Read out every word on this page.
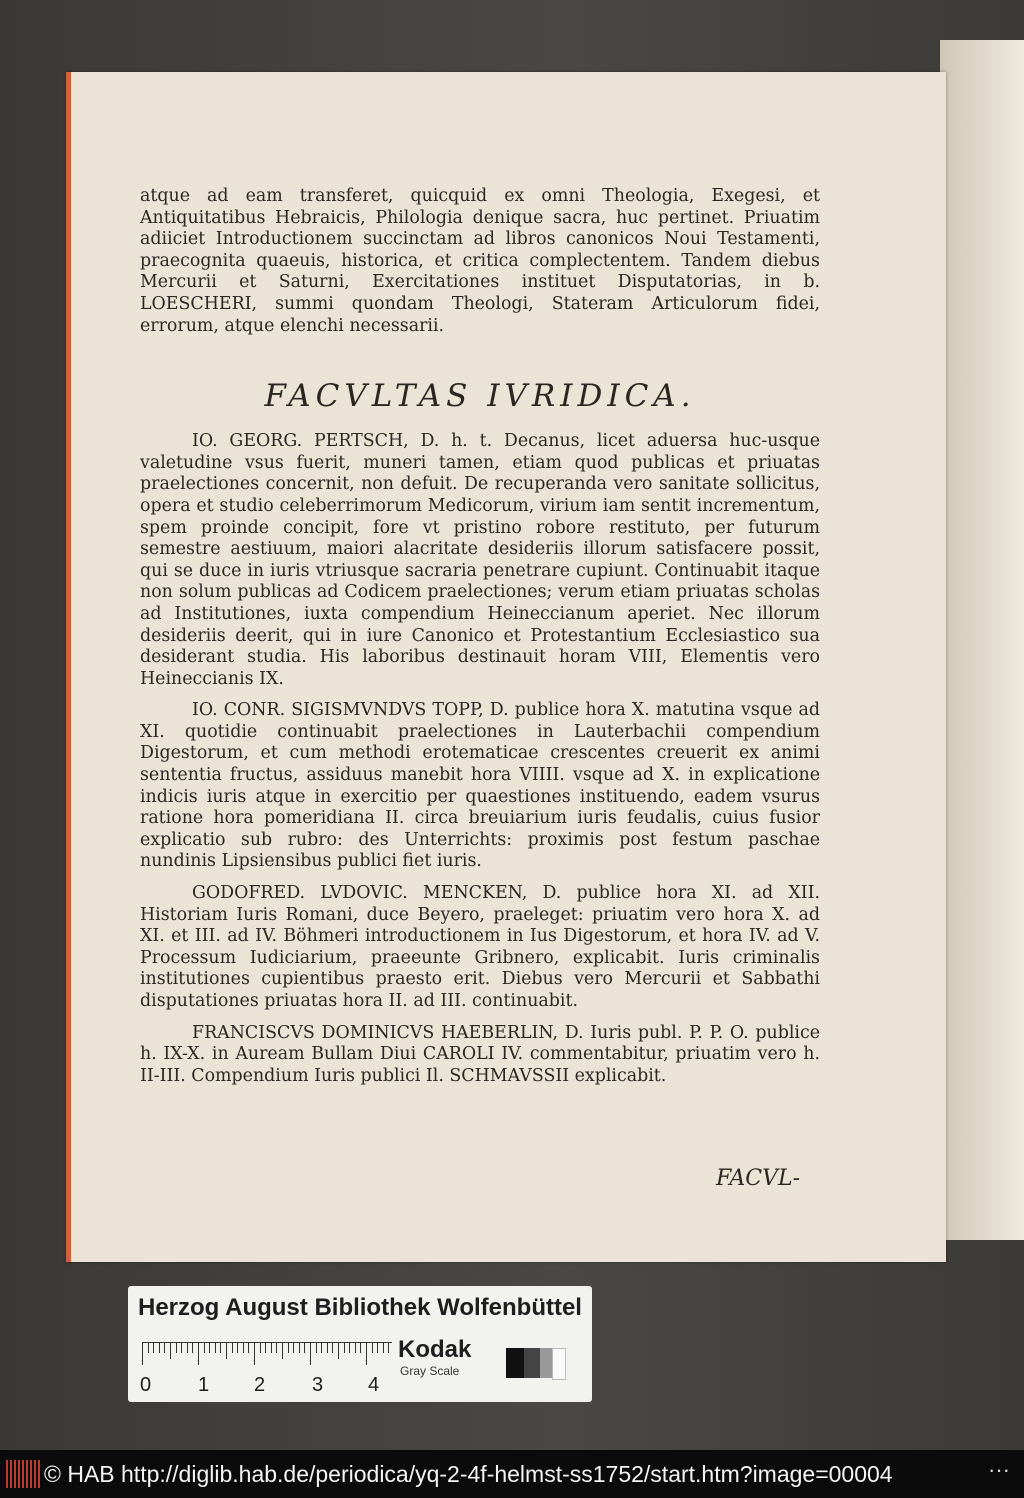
atque ad eam transferet, quicquid ex omni Theologia, Exegesi, et Antiquitatibus Hebraicis, Philologia denique sacra, huc pertinet. Priuatim adiiciet Introductionem succinctam ad libros canonicos Noui Testamenti, praecognita quaeuis, historica, et critica complectentem. Tandem diebus Mercurii et Saturni, Exercitationes instituet Disputatorias, in b. LOESCHERI, summi quondam Theologi, Stateram Articulorum fidei, errorum, atque elenchi necessarii.

FACVLTAS IVRIDICA.

IO. GEORG. PERTSCH, D. h. t. Decanus, licet aduersa huc-usque valetudine vsus fuerit, muneri tamen, etiam quod publicas et priuatas praelectiones concernit, non defuit. De recuperanda vero sanitate sollicitus, opera et studio celeberrimorum Medicorum, virium iam sentit incrementum, spem proinde concipit, fore vt pristino robore restituto, per futurum semestre aestiuum, maiori alacritate desideriis illorum satisfacere possit, qui se duce in iuris vtriusque sacraria penetrare cupiunt. Continuabit itaque non solum publicas ad Codicem praelectiones; verum etiam priuatas scholas ad Institutiones, iuxta compendium Heineccianum aperiet. Nec illorum desideriis deerit, qui in iure Canonico et Protestantium Ecclesiastico sua desiderant studia. His laboribus destinauit horam VIII, Elementis vero Heineccianis IX.

IO. CONR. SIGISMVNDVS TOPP, D. publice hora X. matutina vsque ad XI. quotidie continuabit praelectiones in Lauterbachii compendium Digestorum, et cum methodi erotematicae crescentes creuerit ex animi sententia fructus, assiduus manebit hora VIIII. vsque ad X. in explicatione indicis iuris atque in exercitio per quaestiones instituendo, eadem vsurus ratione hora pomeridiana II. circa breuiarium iuris feudalis, cuius fusior explicatio sub rubro: des Unterrichts: proximis post festum paschae nundinis Lipsiensibus publici fiet iuris.

GODOFRED. LVDOVIC. MENCKEN, D. publice hora XI. ad XII. Historiam Iuris Romani, duce Beyero, praeleget: priuatim vero hora X. ad XI. et III. ad IV. Böhmeri introductionem in Ius Digestorum, et hora IV. ad V. Processum Iudiciarium, praeeunte Gribnero, explicabit. Iuris criminalis institutiones cupientibus praesto erit. Diebus vero Mercurii et Sabbathi disputationes priuatas hora II. ad III. continuabit.

FRANCISCVS DOMINICVS HAEBERLIN, D. Iuris publ. P. P. O. publice h. IX-X. in Auream Bullam Diui CAROLI IV. commentabitur, priuatim vero h. II-III. Compendium Iuris publici Il. SCHMAVSSII explicabit.

FACVL-
Herzog August Bibliothek Wolfenbüttel
0 1 2 3 4
Kodak
Gray Scale
© HAB http://diglib.hab.de/periodica/yq-2-4f-helmst-ss1752/start.htm?image=00004	···
